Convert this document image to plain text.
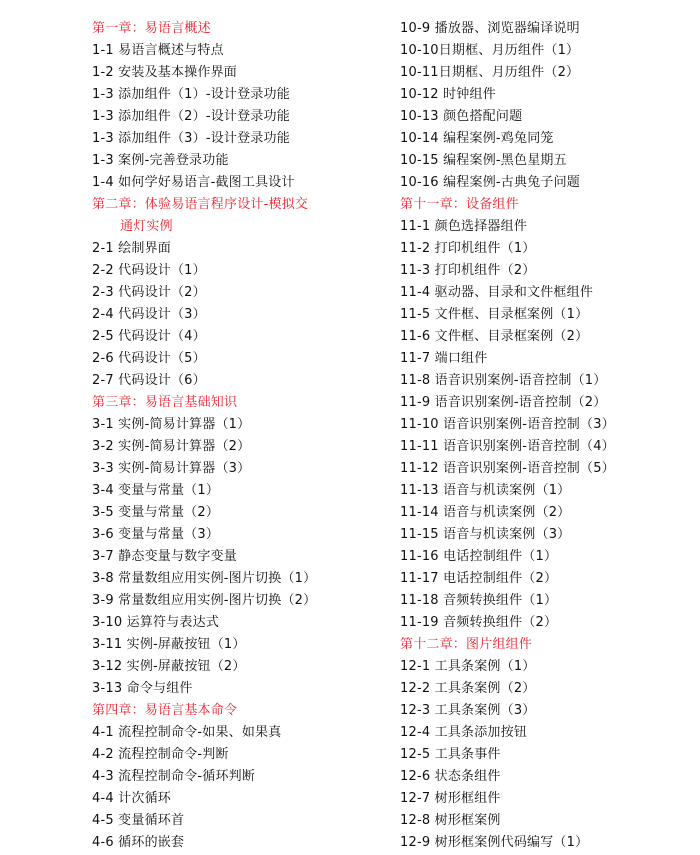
第一章：易语言概述
1-1 易语言概述与特点
1-2 安装及基本操作界面
1-3 添加组件（1）-设计登录功能
1-3 添加组件（2）-设计登录功能
1-3 添加组件（3）-设计登录功能
1-3 案例-完善登录功能
1-4 如何学好易语言-截图工具设计
第二章：体验易语言程序设计-模拟交
通灯实例
2-1 绘制界面
2-2 代码设计（1）
2-3 代码设计（2）
2-4 代码设计（3）
2-5 代码设计（4）
2-6 代码设计（5）
2-7 代码设计（6）
第三章：易语言基础知识
3-1 实例-简易计算器（1）
3-2 实例-简易计算器（2）
3-3 实例-简易计算器（3）
3-4 变量与常量（1）
3-5 变量与常量（2）
3-6 变量与常量（3）
3-7 静态变量与数字变量
3-8 常量数组应用实例-图片切换（1）
3-9 常量数组应用实例-图片切换（2）
3-10 运算符与表达式
3-11 实例-屏蔽按钮（1）
3-12 实例-屏蔽按钮（2）
3-13 命令与组件
第四章：易语言基本命令
4-1 流程控制命令-如果、如果真
4-2 流程控制命令-判断
4-3 流程控制命令-循环判断
4-4 计次循环
4-5 变量循环首
4-6 循环的嵌套
10-9 播放器、浏览器编译说明
10-10日期框、月历组件（1）
10-11日期框、月历组件（2）
10-12 时钟组件
10-13 颜色搭配问题
10-14 编程案例-鸡兔同笼
10-15 编程案例-黑色星期五
10-16 编程案例-古典兔子问题
第十一章：设备组件
11-1 颜色选择器组件
11-2 打印机组件（1）
11-3 打印机组件（2）
11-4 驱动器、目录和文件框组件
11-5 文件框、目录框案例（1）
11-6 文件框、目录框案例（2）
11-7 端口组件
11-8 语音识别案例-语音控制（1）
11-9 语音识别案例-语音控制（2）
11-10 语音识别案例-语音控制（3）
11-11 语音识别案例-语音控制（4）
11-12 语音识别案例-语音控制（5）
11-13 语音与机读案例（1）
11-14 语音与机读案例（2）
11-15 语音与机读案例（3）
11-16 电话控制组件（1）
11-17 电话控制组件（2）
11-18 音频转换组件（1）
11-19 音频转换组件（2）
第十二章：图片组组件
12-1 工具条案例（1）
12-2 工具条案例（2）
12-3 工具条案例（3）
12-4 工具条添加按钮
12-5 工具条事件
12-6 状态条组件
12-7 树形框组件
12-8 树形框案例
12-9 树形框案例代码编写（1）
